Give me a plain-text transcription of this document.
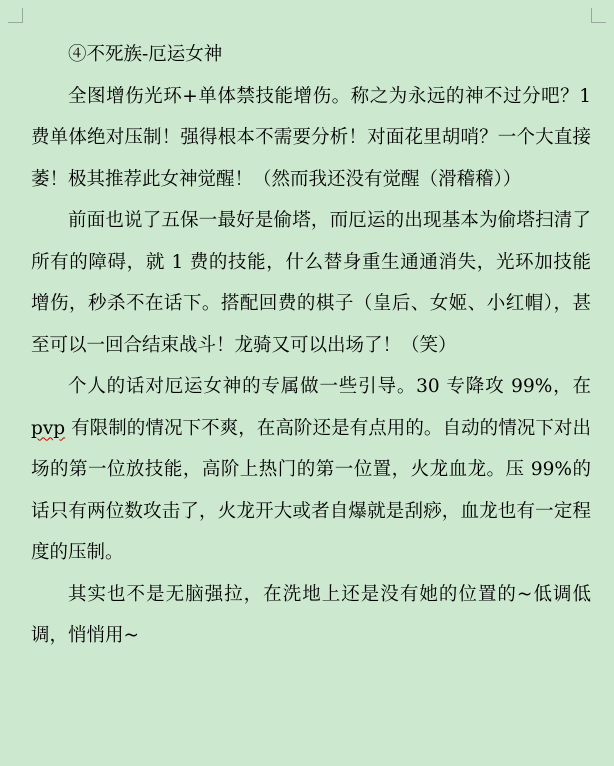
④不死族-厄运女神

全图增伤光环+单体禁技能增伤。称之为永远的神不过分吧？1 费单体绝对压制！强得根本不需要分析！对面花里胡哨？一个大直接萎！极其推荐此女神觉醒！（然而我还没有觉醒（滑稽稽））

前面也说了五保一最好是偷塔，而厄运的出现基本为偷塔扫清了所有的障碍，就 1 费的技能，什么替身重生通通消失，光环加技能增伤，秒杀不在话下。搭配回费的棋子（皇后、女姬、小红帽），甚至可以一回合结束战斗！龙骑又可以出场了！（笑）

个人的话对厄运女神的专属做一些引导。30 专降攻 99%，在 pvp 有限制的情况下不爽，在高阶还是有点用的。自动的情况下对出场的第一位放技能，高阶上热门的第一位置，火龙血龙。压 99%的话只有两位数攻击了，火龙开大或者自爆就是刮痧，血龙也有一定程度的压制。

其实也不是无脑强拉，在洗地上还是没有她的位置的~低调低调，悄悄用~
